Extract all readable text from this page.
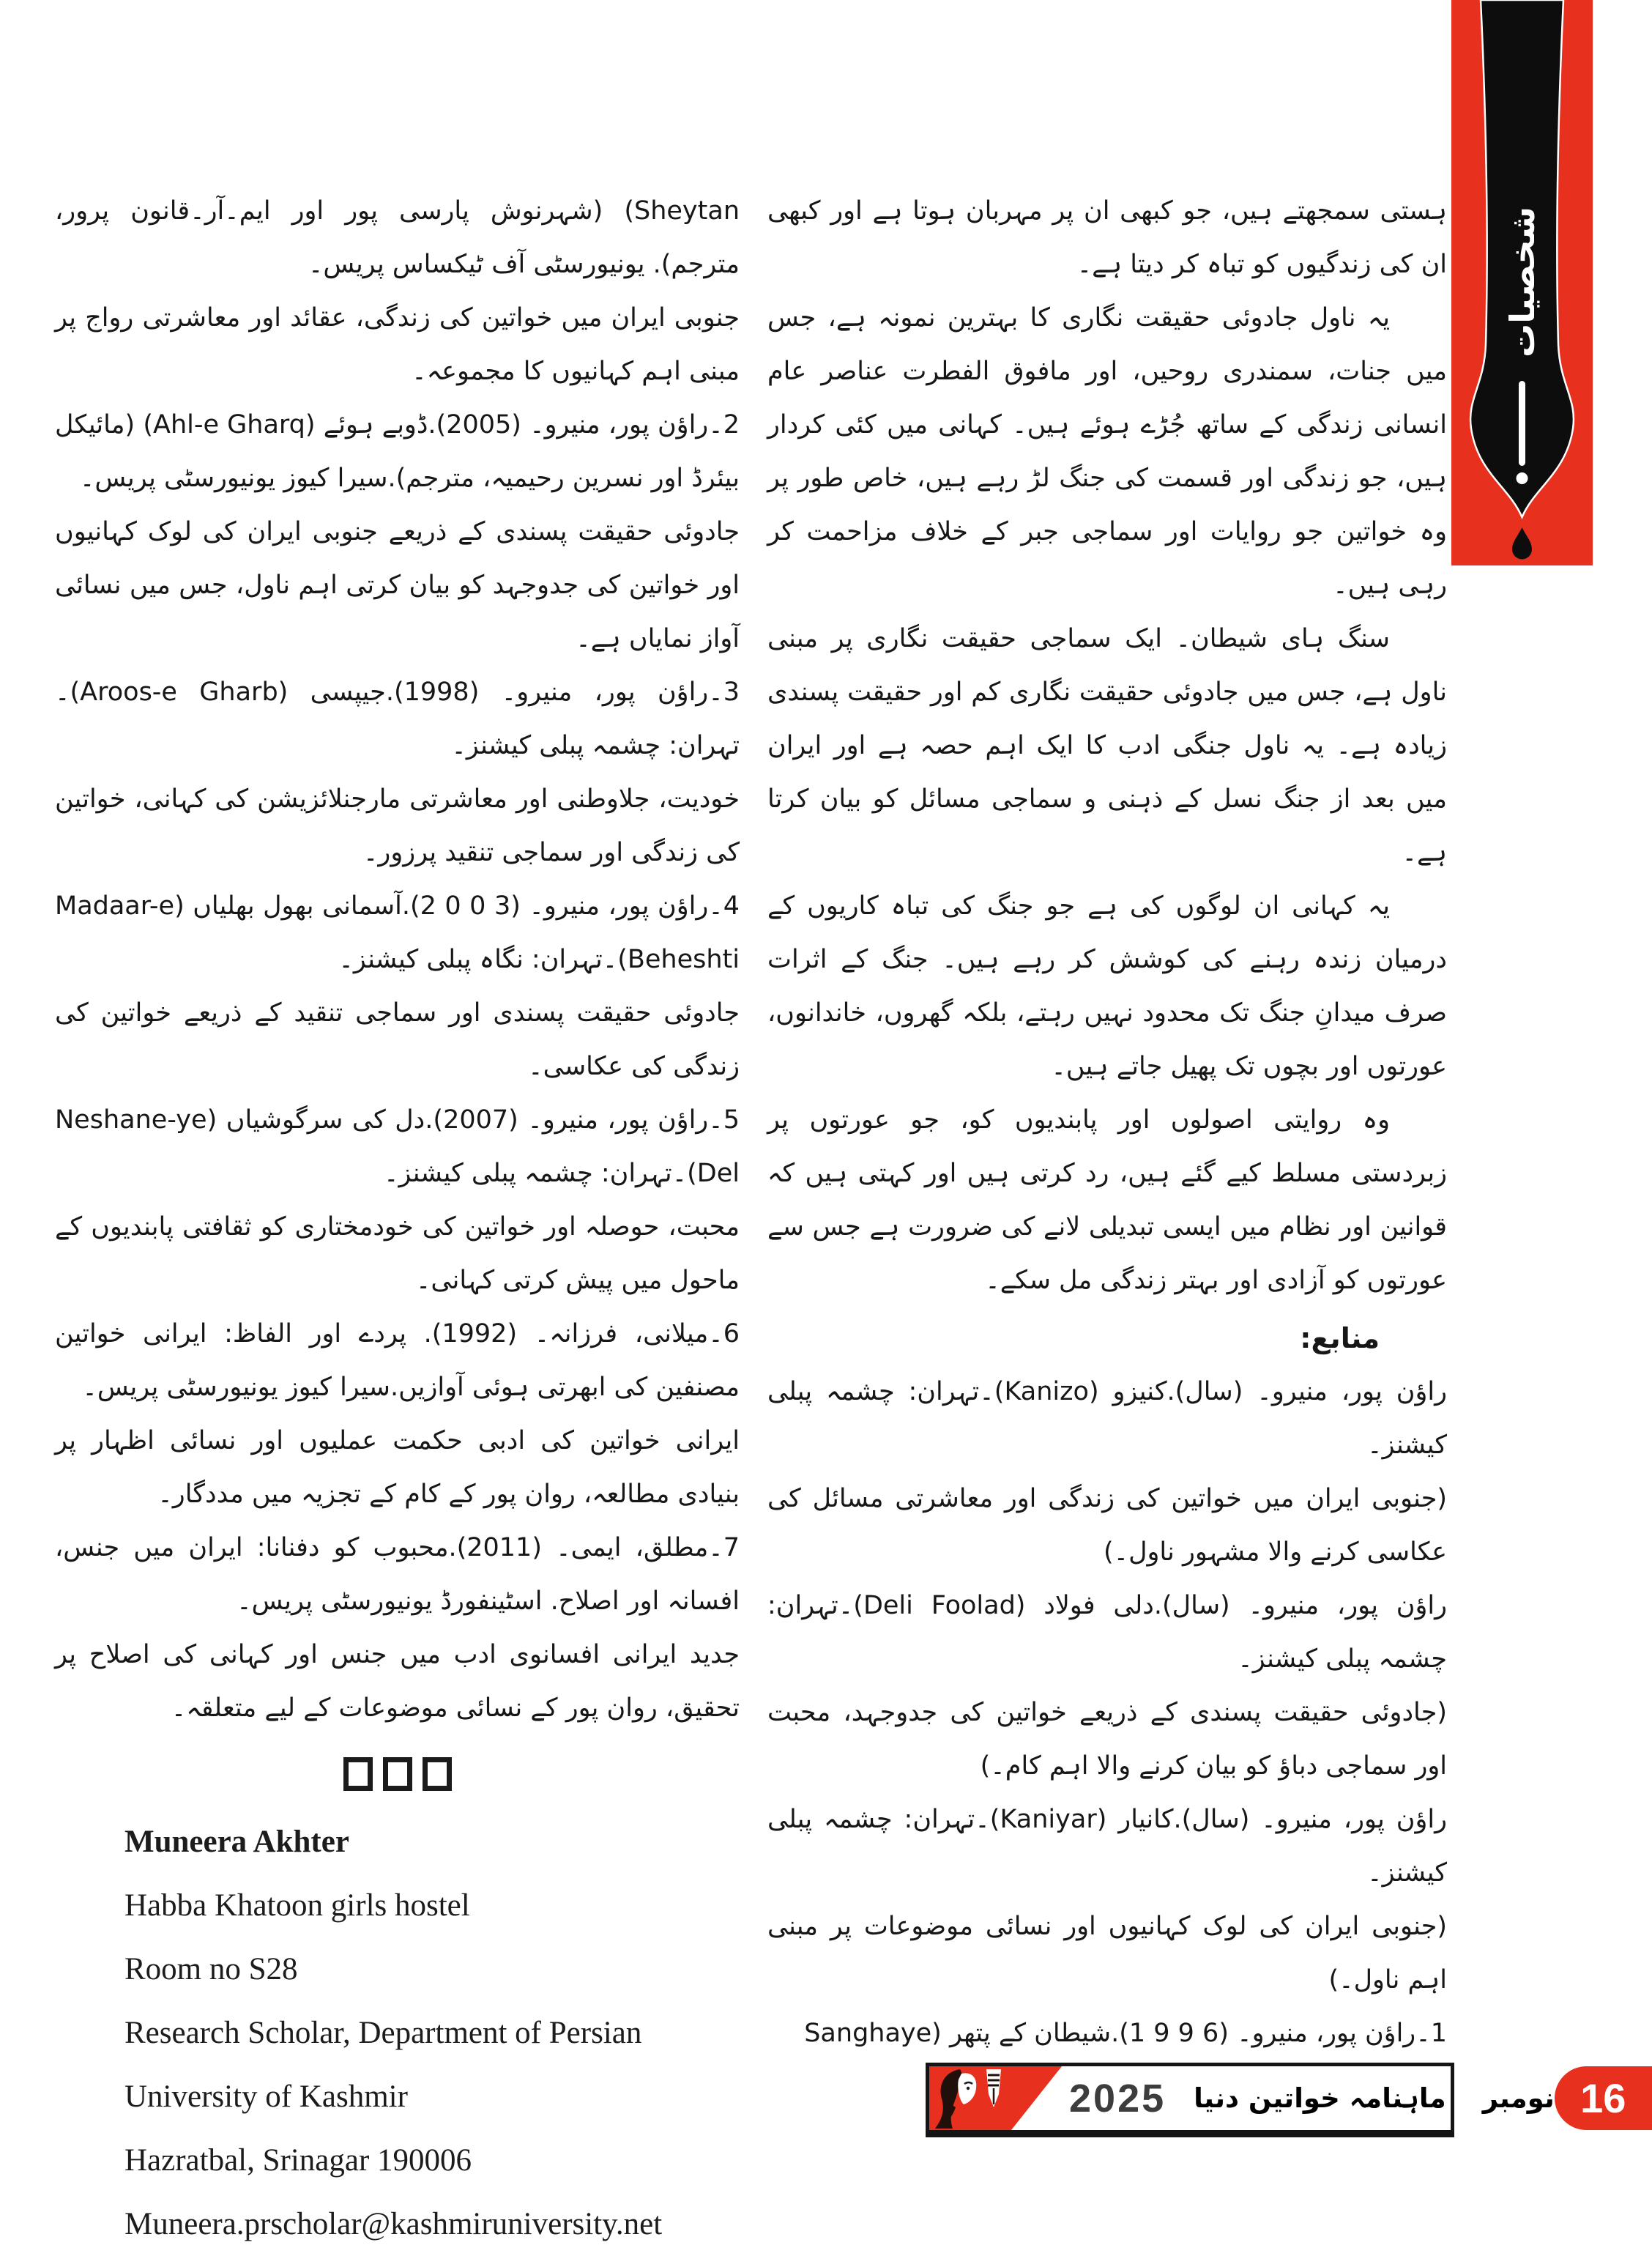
شخصیات

ہستی سمجھتے ہیں، جو کبھی ان پر مہربان ہوتا ہے اور کبھی ان کی زندگیوں کو تباہ کر دیتا ہے۔

یہ ناول جادوئی حقیقت نگاری کا بہترین نمونہ ہے، جس میں جنات، سمندری روحیں، اور مافوق الفطرت عناصر عام انسانی زندگی کے ساتھ جُڑے ہوئے ہیں۔ کہانی میں کئی کردار ہیں، جو زندگی اور قسمت کی جنگ لڑ رہے ہیں، خاص طور پر وہ خواتین جو روایات اور سماجی جبر کے خلاف مزاحمت کر رہی ہیں۔

سنگ ہای شیطان۔ ایک سماجی حقیقت نگاری پر مبنی ناول ہے، جس میں جادوئی حقیقت نگاری کم اور حقیقت پسندی زیادہ ہے۔ یہ ناول جنگی ادب کا ایک اہم حصہ ہے اور ایران میں بعد از جنگ نسل کے ذہنی و سماجی مسائل کو بیان کرتا ہے۔

یہ کہانی ان لوگوں کی ہے جو جنگ کی تباہ کاریوں کے درمیان زندہ رہنے کی کوشش کر رہے ہیں۔ جنگ کے اثرات صرف میدانِ جنگ تک محدود نہیں رہتے، بلکہ گھروں، خاندانوں، عورتوں اور بچوں تک پھیل جاتے ہیں۔

وہ روایتی اصولوں اور پابندیوں کو، جو عورتوں پر زبردستی مسلط کیے گئے ہیں، رد کرتی ہیں اور کہتی ہیں کہ قوانین اور نظام میں ایسی تبدیلی لانے کی ضرورت ہے جس سے عورتوں کو آزادی اور بہتر زندگی مل سکے۔

منابع:

راؤن پور، منیرو۔ (سال).کنیزو (Kanizo)۔تہران: چشمہ پبلی کیشنز۔

(جنوبی ایران میں خواتین کی زندگی اور معاشرتی مسائل کی عکاسی کرنے والا مشہور ناول۔)

راؤن پور، منیرو۔ (سال).دلی فولاد (Deli Foolad)۔تہران: چشمہ پبلی کیشنز۔

(جادوئی حقیقت پسندی کے ذریعے خواتین کی جدوجہد، محبت اور سماجی دباؤ کو بیان کرنے والا اہم کام۔)

راؤن پور، منیرو۔ (سال).کانیار (Kaniyar)۔تہران: چشمہ پبلی کیشنز۔

(جنوبی ایران کی لوک کہانیوں اور نسائی موضوعات پر مبنی اہم ناول۔)

1۔راؤن پور، منیرو۔ (‪1 9 9 6‬).شیطان کے پتھر (Sanghaye

Sheytan) (شہرنوش پارسی پور اور ایم۔آر۔قانون پرور، مترجم). یونیورسٹی آف ٹیکساس پریس۔

جنوبی ایران میں خواتین کی زندگی، عقائد اور معاشرتی رواج پر مبنی اہم کہانیوں کا مجموعہ۔

2۔راؤن پور، منیرو۔ (2005).ڈوبے ہوئے (Ahl-e Gharq) (مائیکل بیئرڈ اور نسرین رحیمیہ، مترجم).سیرا کیوز یونیورسٹی پریس۔

جادوئی حقیقت پسندی کے ذریعے جنوبی ایران کی لوک کہانیوں اور خواتین کی جدوجہد کو بیان کرتی اہم ناول، جس میں نسائی آواز نمایاں ہے۔

3۔راؤن پور، منیرو۔ (1998).جیپسی (Aroos-e Gharb)۔تہران: چشمہ پبلی کیشنز۔

خودیت، جلاوطنی اور معاشرتی مارجنلائزیشن کی کہانی، خواتین کی زندگی اور سماجی تنقید پرزور۔

4۔راؤن پور، منیرو۔ (‪2 0 0 3‬).آسمانی بھول بھلیاں (Madaar-e Beheshti)۔تہران: نگاہ پبلی کیشنز۔

جادوئی حقیقت پسندی اور سماجی تنقید کے ذریعے خواتین کی زندگی کی عکاسی۔

5۔راؤن پور، منیرو۔ (2007).دل کی سرگوشیاں (Neshane-ye Del)۔تہران: چشمہ پبلی کیشنز۔

محبت، حوصلہ اور خواتین کی خودمختاری کو ثقافتی پابندیوں کے ماحول میں پیش کرتی کہانی۔

6۔میلانی، فرزانہ۔ (1992). پردے اور الفاظ: ایرانی خواتین مصنفین کی ابھرتی ہوئی آوازیں.سیرا کیوز یونیورسٹی پریس۔

ایرانی خواتین کی ادبی حکمت عملیوں اور نسائی اظہار پر بنیادی مطالعہ، روان پور کے کام کے تجزیہ میں مددگار۔

7۔مطلق، ایمی۔ (2011).محبوب کو دفنانا: ایران میں جنس، افسانہ اور اصلاح. اسٹینفورڈ یونیورسٹی پریس۔

جدید ایرانی افسانوی ادب میں جنس اور کہانی کی اصلاح پر تحقیق، روان پور کے نسائی موضوعات کے لیے متعلقہ۔

Muneera Akhter
Habba Khatoon girls hostel
Room no S28
Research Scholar, Department of Persian
University of Kashmir
Hazratbal, Srinagar 190006
Muneera.prscholar@kashmiruniversity.net
2025 ماہنامہ خواتین دنیا نومبر 16
